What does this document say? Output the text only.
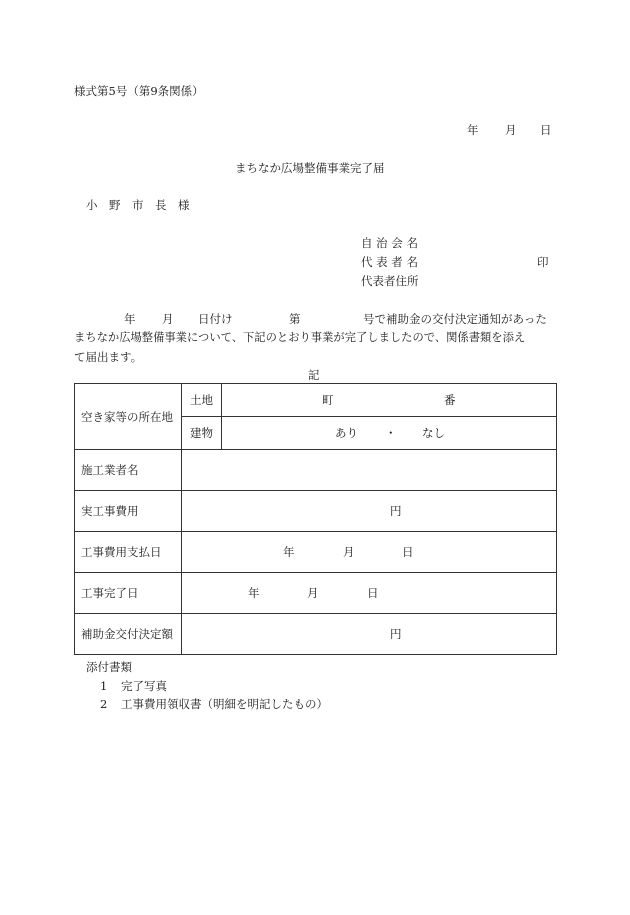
様式第5号（第9条関係）
年 月 日
まちなか広場整備事業完了届
小　野　市　長　様
自 治 会 名
代 表 者 名	印
代表者住所
年 月 日付け	第	号で補助金の交付決定通知があった
まちなか広場整備事業について、下記のとおり事業が完了しましたので、関係書類を添え
て届出ます。
記
空き家等の所在地	土地	町 番

	建物	あり ・ なし

施工業者名		
実工事費用	円	

工事費用支払日	年 月 日	

工事完了日	年 月 日	

補助金交付決定額	円	
添付書類
1 完了写真
2 工事費用領収書（明細を明記したもの）
